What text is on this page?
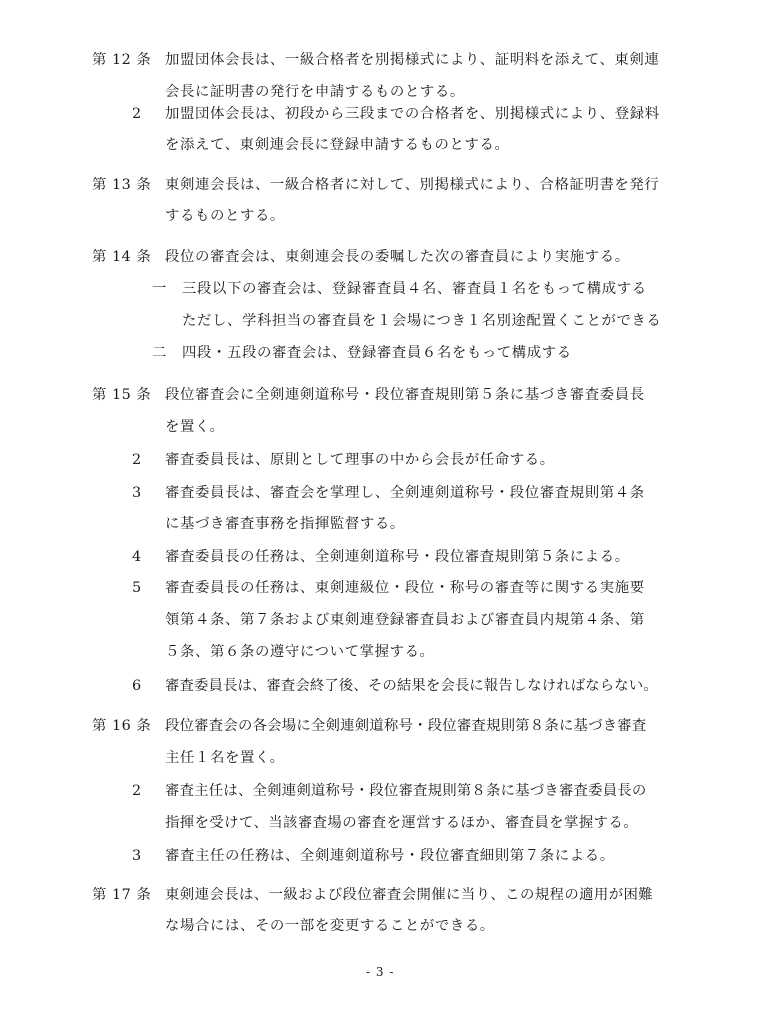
第 12 条 加盟団体会長は、一級合格者を別掲様式により、証明料を添えて、東剣連
会長に証明書の発行を申請するものとする。
2 加盟団体会長は、初段から三段までの合格者を、別掲様式により、登録料
を添えて、東剣連会長に登録申請するものとする。
第 13 条 東剣連会長は、一級合格者に対して、別掲様式により、合格証明書を発行
するものとする。
第 14 条 段位の審査会は、東剣連会長の委嘱した次の審査員により実施する。
一 三段以下の審査会は、登録審査員４名、審査員１名をもって構成する
ただし、学科担当の審査員を１会場につき１名別途配置くことができる
二 四段・五段の審査会は、登録審査員６名をもって構成する
第 15 条 段位審査会に全剣連剣道称号・段位審査規則第５条に基づき審査委員長
を置く。
2 審査委員長は、原則として理事の中から会長が任命する。
3 審査委員長は、審査会を掌理し、全剣連剣道称号・段位審査規則第４条
に基づき審査事務を指揮監督する。
4 審査委員長の任務は、全剣連剣道称号・段位審査規則第５条による。
5 審査委員長の任務は、東剣連級位・段位・称号の審査等に関する実施要
領第４条、第７条および東剣連登録審査員および審査員内規第４条、第
５条、第６条の遵守について掌握する。
6 審査委員長は、審査会終了後、その結果を会長に報告しなければならない。
第 16 条 段位審査会の各会場に全剣連剣道称号・段位審査規則第８条に基づき審査
主任１名を置く。
2 審査主任は、全剣連剣道称号・段位審査規則第８条に基づき審査委員長の
指揮を受けて、当該審査場の審査を運営するほか、審査員を掌握する。
3 審査主任の任務は、全剣連剣道称号・段位審査細則第７条による。
第 17 条 東剣連会長は、一級および段位審査会開催に当り、この規程の適用が困難
な場合には、その一部を変更することができる。
- 3 -
